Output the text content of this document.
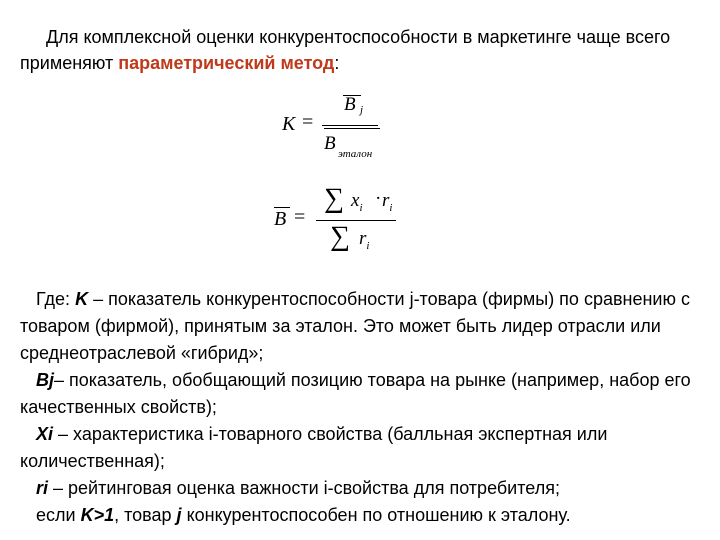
Для комплексной оценки конкурентоспособности в маркетинге чаще всего применяют параметрический метод:
K =
B j
B эталон
B =
∑ $x_i \cdot r_i$
∑ $r_i$

Где: K – показатель конкурентоспособности j-товара (фирмы) по сравнению с товаром (фирмой), принятым за эталон. Это может быть лидер отрасли или среднеотраслевой «гибрид»;

Bj– показатель, обобщающий позицию товара на рынке (например, набор его качественных свойств);

Xi – характеристика i-товарного свойства (балльная экспертная или количественная);

ri – рейтинговая оценка важности i-свойства для потребителя;

если K>1, товар j конкурентоспособен по отношению к эталону.
